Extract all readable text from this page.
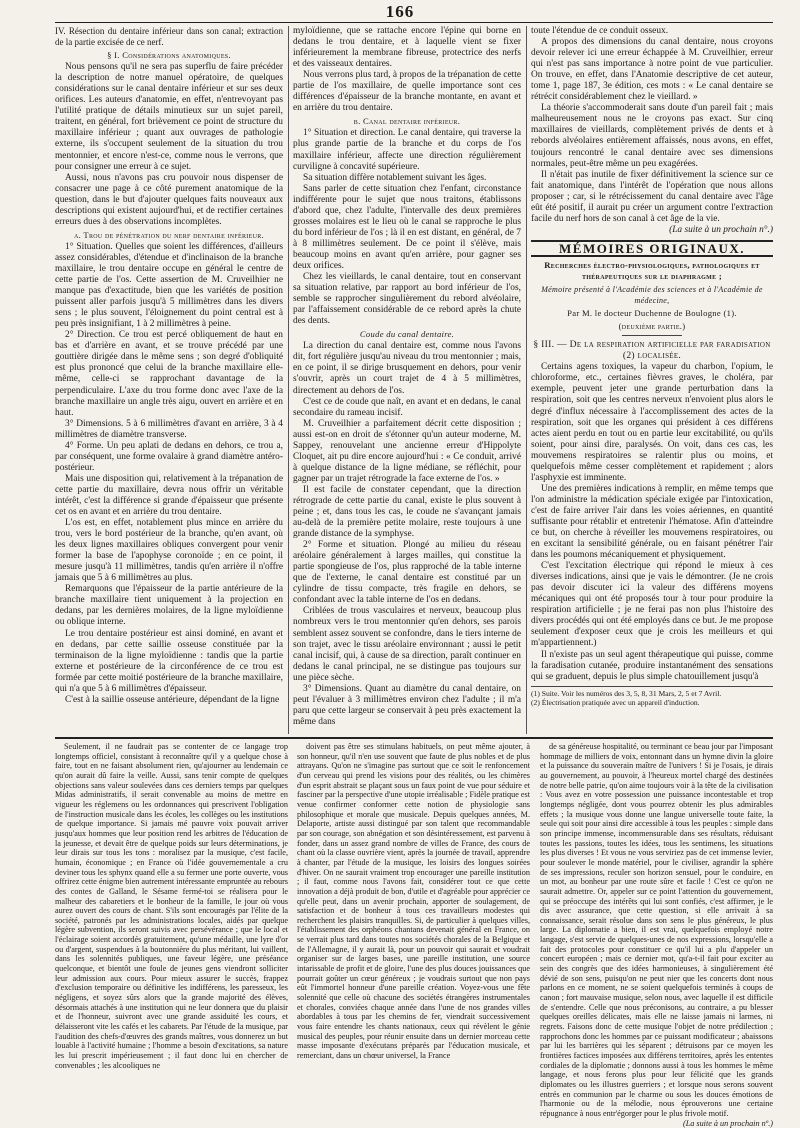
166

IV. Résection du dentaire inférieur dans son canal; extraction de la partie excisée de ce nerf.

§ I. Considérations anatomiques.

Nous pensons qu'il ne sera pas superflu de faire précéder la description de notre manuel opératoire, de quelques considérations sur le canal dentaire inférieur et sur ses deux orifices. Les auteurs d'anatomie, en effet, n'entrevoyant pas l'utilité pratique de détails minutieux sur un sujet pareil, traitent, en général, fort brièvement ce point de structure du maxillaire inférieur ; quant aux ouvrages de pathologie externe, ils s'occupent seulement de la situation du trou mentonnier, et encore n'est-ce, comme nous le verrons, que pour consigner une erreur à ce sujet.

Aussi, nous n'avons pas cru pouvoir nous dispenser de consacrer une page à ce côté purement anatomique de la question, dans le but d'ajouter quelques faits nouveaux aux descriptions qui existent aujourd'hui, et de rectifier certaines erreurs dues à des observations incomplètes.

a. Trou de pénétration du nerf dentaire inférieur.

1° Situation. Quelles que soient les différences, d'ailleurs assez considérables, d'étendue et d'inclinaison de la branche maxillaire, le trou dentaire occupe en général le centre de cette partie de l'os. Cette assertion de M. Cruveilhier ne manque pas d'exactitude, bien que les variétés de position puissent aller parfois jusqu'à 5 millimètres dans les divers sens ; le plus souvent, l'éloignement du point central est à peu près insignifiant, 1 à 2 millimètres à peine.

2° Direction. Ce trou est percé obliquement de haut en bas et d'arrière en avant, et se trouve précédé par une gouttière dirigée dans le même sens ; son degré d'obliquité est plus prononcé que celui de la branche maxillaire elle-même, celle-ci se rapprochant davantage de la perpendiculaire. L'axe du trou forme donc avec l'axe de la branche maxillaire un angle très aigu, ouvert en arrière et en haut.

3° Dimensions. 5 à 6 millimètres d'avant en arrière, 3 à 4 millimètres de diamètre transverse.

4° Forme. Un peu aplati de dedans en dehors, ce trou a, par conséquent, une forme ovalaire à grand diamètre antéro-postérieur.

Mais une disposition qui, relativement à la trépanation de cette partie du maxillaire, devra nous offrir un véritable intérêt, c'est la différence si grande d'épaisseur que présente cet os en avant et en arrière du trou dentaire.

L'os est, en effet, notablement plus mince en arrière du trou, vers le bord postérieur de la branche, qu'en avant, où les deux lignes maxillaires obliques convergent pour venir former la base de l'apophyse coronoïde ; en ce point, il mesure jusqu'à 11 millimètres, tandis qu'en arrière il n'offre jamais que 5 à 6 millimètres au plus.

Remarquons que l'épaisseur de la partie antérieure de la branche maxillaire tient uniquement à la projection en dedans, par les dernières molaires, de la ligne myloïdienne ou oblique interne.

Le trou dentaire postérieur est ainsi dominé, en avant et en dedans, par cette saillie osseuse constituée par la terminaison de la ligne myloïdienne : tandis que la partie externe et postérieure de la circonférence de ce trou est formée par cette moitié postérieure de la branche maxillaire, qui n'a que 5 à 6 millimètres d'épaisseur.

C'est à la saillie osseuse antérieure, dépendant de la ligne

myloïdienne, que se rattache encore l'épine qui borne en dedans le trou dentaire, et à laquelle vient se fixer inférieurement la membrane fibreuse, protectrice des nerfs et des vaisseaux dentaires.

Nous verrons plus tard, à propos de la trépanation de cette partie de l'os maxillaire, de quelle importance sont ces différences d'épaisseur de la branche montante, en avant et en arrière du trou dentaire.

b. Canal dentaire inférieur.

1° Situation et direction. Le canal dentaire, qui traverse la plus grande partie de la branche et du corps de l'os maxillaire inférieur, affecte une direction régulièrement curviligne à concavité supérieure.

Sa situation diffère notablement suivant les âges.

Sans parler de cette situation chez l'enfant, circonstance indifférente pour le sujet que nous traitons, établissons d'abord que, chez l'adulte, l'intervalle des deux premières grosses molaires est le lieu où le canal se rapproche le plus du bord inférieur de l'os ; là il en est distant, en général, de 7 à 8 millimètres seulement. De ce point il s'élève, mais beaucoup moins en avant qu'en arrière, pour gagner ses deux orifices.

Chez les vieillards, le canal dentaire, tout en conservant sa situation relative, par rapport au bord inférieur de l'os, semble se rapprocher singulièrement du rebord alvéolaire, par l'affaissement considérable de ce rebord après la chute des dents.

Coude du canal dentaire.

La direction du canal dentaire est, comme nous l'avons dit, fort régulière jusqu'au niveau du trou mentonnier ; mais, en ce point, il se dirige brusquement en dehors, pour venir s'ouvrir, après un court trajet de 4 à 5 millimètres, directement au dehors de l'os.

C'est ce de coude que naît, en avant et en dedans, le canal secondaire du rameau incisif.

M. Cruveilhier a parfaitement décrit cette disposition ; aussi est-on en droit de s'étonner qu'un auteur moderne, M. Sappey, renouvelant une ancienne erreur d'Hippolyte Cloquet, ait pu dire encore aujourd'hui : « Ce conduit, arrivé à quelque distance de la ligne médiane, se réfléchit, pour gagner par un trajet rétrograde la face externe de l'os. »

Il est facile de constater cependant, que la direction rétrograde de cette partie du canal, existe le plus souvent à peine ; et, dans tous les cas, le coude ne s'avançant jamais au-delà de la première petite molaire, reste toujours à une grande distance de la symphyse.

2° Forme et situation. Plongé au milieu du réseau aréolaire généralement à larges mailles, qui constitue la partie spongieuse de l'os, plus rapproché de la table interne que de l'externe, le canal dentaire est constitué par un cylindre de tissu compacte, très fragile en dehors, se confondant avec la table interne de l'os en dedans.

Criblées de trous vasculaires et nerveux, beaucoup plus nombreux vers le trou mentonnier qu'en dehors, ses parois semblent assez souvent se confondre, dans le tiers interne de son trajet, avec le tissu aréolaire environnant ; aussi le petit canal incisif, qui, à cause de sa direction, paraît continuer en dedans le canal principal, ne se distingue pas toujours sur une pièce sèche.

3° Dimensions. Quant au diamètre du canal dentaire, on peut l'évaluer à 3 millimètres environ chez l'adulte ; il m'a paru que cette largeur se conservait à peu près exactement la même dans

toute l'étendue de ce conduit osseux.

A propos des dimensions du canal dentaire, nous croyons devoir relever ici une erreur échappée à M. Cruveilhier, erreur qui n'est pas sans importance à notre point de vue particulier. On trouve, en effet, dans l'Anatomie descriptive de cet auteur, tome 1, page 187, 3e édition, ces mots : « Le canal dentaire se rétrécit considérablement chez le vieillard. »

La théorie s'accommoderait sans doute d'un pareil fait ; mais malheureusement nous ne le croyons pas exact. Sur cinq maxillaires de vieillards, complètement privés de dents et à rebords alvéolaires entièrement affaissés, nous avons, en effet, toujours rencontré le canal dentaire avec ses dimensions normales, peut-être même un peu exagérées.

Il n'était pas inutile de fixer définitivement la science sur ce fait anatomique, dans l'intérêt de l'opération que nous allons proposer ; car, si le rétrécissement du canal dentaire avec l'âge eût été positif, il aurait pu créer un argument contre l'extraction facile du nerf hors de son canal à cet âge de la vie.

(La suite à un prochain n°.)

MÉMOIRES ORIGINAUX.

Recherches électro-physiologiques, pathologiques et thérapeutiques sur le diaphragme ;

Mémoire présenté à l'Académie des sciences et à l'Académie de médecine,

Par M. le docteur Duchenne de Boulogne (1).

(deuxième partie.)

§ III. — De la respiration artificielle par faradisation (2) localisée.

Certains agens toxiques, la vapeur du charbon, l'opium, le chloroforme, etc., certaines fièvres graves, le choléra, par exemple, peuvent jeter une grande perturbation dans la respiration, soit que les centres nerveux n'envoient plus alors le degré d'influx nécessaire à l'accomplissement des actes de la respiration, soit que les organes qui président à ces différens actes aient perdu en tout ou en partie leur excitabilité, ou qu'ils soient, pour ainsi dire, paralysés. On voit, dans ces cas, les mouvemens respiratoires se ralentir plus ou moins, et quelquefois même cesser complètement et rapidement ; alors l'asphyxie est imminente.

Une des premières indications à remplir, en même temps que l'on administre la médication spéciale exigée par l'intoxication, c'est de faire arriver l'air dans les voies aériennes, en quantité suffisante pour rétablir et entretenir l'hématose. Afin d'atteindre ce but, on cherche à réveiller les mouvemens respiratoires, ou en excitant la sensibilité générale, ou en faisant pénétrer l'air dans les poumons mécaniquement et physiquement.

C'est l'excitation électrique qui répond le mieux à ces diverses indications, ainsi que je vais le démontrer. (Je ne crois pas devoir discuter ici la valeur des différens moyens mécaniques qui ont été proposés tour à tour pour produire la respiration artificielle ; je ne ferai pas non plus l'histoire des divers procédés qui ont été employés dans ce but. Je me propose seulement d'exposer ceux que je crois les meilleurs et qui m'appartiennent.)

Il n'existe pas un seul agent thérapeutique qui puisse, comme la faradisation cutanée, produire instantanément des sensations qui se graduent, depuis le plus simple chatouillement jusqu'à

(1) Suite. Voir les numéros des 3, 5, 8, 31 Mars, 2, 5 et 7 Avril.

(2) Électrisation pratiquée avec un appareil d'induction.

Seulement, il ne faudrait pas se contenter de ce langage trop longtemps officiel, consistant à reconnaître qu'il y a quelque chose à faire, tout en ne faisant absolument rien, qu'ajourner au lendemain ce qu'on aurait dû faire la veille. Aussi, sans tenir compte de quelques objections sans valeur soulevées dans ces derniers temps par quelques Midas administratifs, il serait convenable au moins de mettre en vigueur les réglemens ou les ordonnances qui prescrivent l'obligation de l'instruction musicale dans les écoles, les collèges ou les institutions de quelque importance. Si jamais mé pauvre voix pouvait arriver jusqu'aux hommes que leur position rend les arbitres de l'éducation de la jeunesse, et devait être de quelque poids sur leurs déterminations, je leur dirais sur tous les tons : moralisez par la musique, c'est facile, humain, économique ; en France où l'idée gouvernementale a cru deviner tous les sphynx quand elle a su fermer une porte ouverte, vous offrirez cette énigme bien autrement intéressante empruntée au rebours des contes de Galland, le Sésame fermé-toi se réalisera pour le malheur des cabaretiers et le bonheur de la famille, le jour où vous aurez ouvert des cours de chant. S'ils sont encouragés par l'élite de la société, patronés par les administrations locales, aidés par quelque légère subvention, ils seront suivis avec persévérance ; que le local et l'éclairage soient accordés gratuitement, qu'une médaille, une lyre d'or ou d'argent, suspendues à la boutonnière du plus méritant, lui vaillent, dans les solennités publiques, une faveur légère, une préséance quelconque, et bientôt une foule de jeunes gens viendront solliciter leur admission aux cours. Pour mieux assurer le succès, frappez d'exclusion temporaire ou définitive les indifférens, les paresseux, les négligens, et soyez sûrs alors que la grande majorité des élèves, désormais attachés à une institution qui ne leur donnera que du plaisir et de l'honneur, suivront avec une grande assiduité les cours, et délaisseront vite les cafés et les cabarets. Par l'étude de la musique, par l'audition des chefs-d'œuvres des grands maîtres, vous donnerez un but louable à l'activité humaine ; l'homme a besoin d'excitations, sa nature les lui prescrit impérieusement ; il faut donc lui en chercher de convenables ; les alcooliques ne

doivent pas être ses stimulans habituels, on peut même ajouter, à son honneur, qu'il n'en use souvent que faute de plus nobles et de plus attrayans. Qu'on ne s'imagine pas surtout que ce soit le renfoncement d'un cerveau qui prend les visions pour des réalités, ou les chimères d'un esprit abstrait se plaçant sous un faux point de vue pour séduire et fasciner par la perspective d'une utopie irréalisable ; Fidèle pratique est venue confirmer conformer cette notion de physiologie sans philosophique et morale que musicale. Depuis quelques années, M. Delaporte, artiste aussi distingué par son talent que recommandable par son courage, son abnégation et son désintéressement, est parvenu à fonder, dans un assez grand nombre de villes de France, des cours de chant où la classe ouvrière vient, après la journée de travail, apprendre à chanter, par l'étude de la musique, les loisirs des longues soirées d'hiver. On ne saurait vraiment trop encourager une pareille institution ; il faut, comme nous l'avons fait, considérer tout ce que cette innovation a déjà produit de bon, d'utile et d'agréable pour apprécier ce qu'elle peut, dans un avenir prochain, apporter de soulagement, de satisfaction et de bonheur à tous ces travailleurs modestes qui recherchent les plaisirs tranquilles. Si, de particulier à quelques villes, l'établissement des orphéons chantans devenait général en France, on se verrait plus tard dans toutes nos sociétés chorales de la Belgique et de l'Allemagne, il y aurait là, pour un pouvoir qui saurait et voudrait organiser sur de larges bases, une pareille institution, une source intarissable de profit et de gloire, l'une des plus douces jouissances que pourrait goûter un cœur généreux ; je voudrais surtout que non pays eût l'immortel honneur d'une pareille création. Voyez-vous une fête solennité que celle où chacune des sociétés étrangères instrumentales et chorales, conviées chaque année dans l'une de nos grandes villes abordables à tous par les chemins de fer, viendrait successivement vous faire entendre les chants nationaux, ceux qui révèlent le génie musical des peuples, pour réunir ensuite dans un dernier morceau cette masse imposante d'exécutans préparés par l'éducation musicale, et remerciant, dans un chœur universel, la France

de sa généreuse hospitalité, ou terminant ce beau jour par l'imposant hommage de milliers de voix, entonnant dans un hymne divin la gloire et la puissance du souverain maître de l'univers ! Si je l'osais, je dirais au gouvernement, au pouvoir, à l'heureux mortel chargé des destinées de notre belle patrie, qu'on aime toujours voir à la tête de la civilisation : Vous avez en votre possession une puissance incontestable et trop longtemps négligée, dont vous pourrez obtenir les plus admirables effets ; la musique vous donne une langue universelle toute faite, la seule qui soit pour ainsi dire accessible à tous les peuples : simple dans son principe immense, incommensurable dans ses résultats, réduisant toutes les passions, toutes les idées, tous les sentimens, les situations les plus diverses ! Et vous ne vous serviriez pas de cet immense levier, pour soulever le monde matériel, pour le civiliser, agrandir la sphère de ses impressions, reculer son horizon sensuel, pour le conduire, en un mot, au bonheur par une route sûre et facile ! C'est ce qu'on ne saurait admettre. Or, appeler sur ce point l'attention du gouvernement, qui se préoccupe des intérêts qui lui sont confiés, c'est affirmer, je le dis avec assurance, que cette question, si elle arrivait à sa connaissance, serait résolue dans son sens le plus généreux, le plus large. La diplomatie a bien, il est vrai, quelquefois employé notre langage, s'est servie de quelques-unes de nos expressions, lorsqu'elle a fait des protocoles pour constituer ce qu'il lui a plu d'appeler un concert européen ; mais ce dernier mot, qu'a-t-il fait pour exciter au sein des congrès que des idées harmonieuses, à singulièrement été dévié de son sens, puisqu'on ne peut nier que les concerts dont nous parlons en ce moment, ne se soient quelquefois terminés à coups de canon ; fort mauvaise musique, selon nous, avec laquelle il est difficile de s'entendre. Celle que nous préconisons, au contraire, a pu blesser quelques oreilles délicates, mais elle ne laisse jamais ni larmes, ni regrets. Faisons donc de cette musique l'objet de notre prédilection ; rapprochons donc les hommes par ce puissant modificateur ; abaissons par lui les barrières qui les séparent ; détruisons par ce moyen les frontières factices imposées aux différens territoires, après les ententes cordiales de la diplomatie ; donnons aussi à tous les hommes le même langage, et nous ferons plus pour leur félicité que les grands diplomates ou les illustres guerriers ; et lorsque nous serons souvent entrés en communion par le charme ou sous les douces émotions de l'harmonie ou de la mélodie, nous éprouverons une certaine répugnance à nous entr'égorger pour le plus frivole motif.

(La suite à un prochain nº.)
